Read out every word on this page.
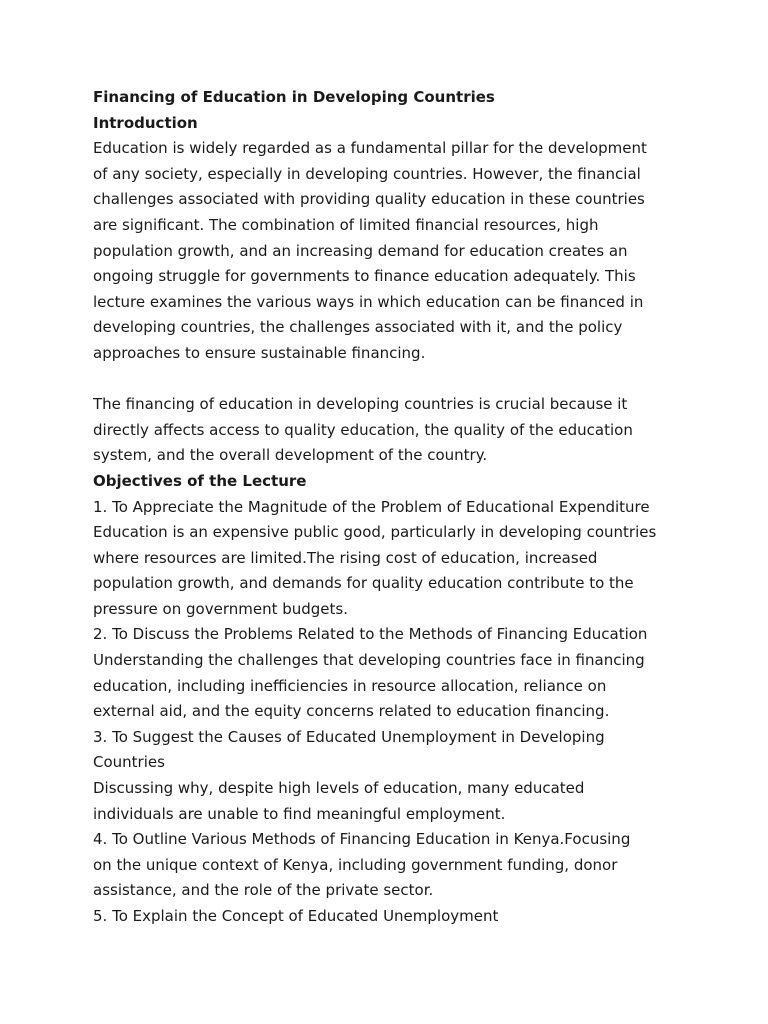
Financing of Education in Developing Countries
Introduction
Education is widely regarded as a fundamental pillar for the development
of any society, especially in developing countries. However, the financial
challenges associated with providing quality education in these countries
are significant. The combination of limited financial resources, high
population growth, and an increasing demand for education creates an
ongoing struggle for governments to finance education adequately. This
lecture examines the various ways in which education can be financed in
developing countries, the challenges associated with it, and the policy
approaches to ensure sustainable financing.
The financing of education in developing countries is crucial because it
directly affects access to quality education, the quality of the education
system, and the overall development of the country.
Objectives of the Lecture
1. To Appreciate the Magnitude of the Problem of Educational Expenditure
Education is an expensive public good, particularly in developing countries
where resources are limited.The rising cost of education, increased
population growth, and demands for quality education contribute to the
pressure on government budgets.
2. To Discuss the Problems Related to the Methods of Financing Education
Understanding the challenges that developing countries face in financing
education, including inefficiencies in resource allocation, reliance on
external aid, and the equity concerns related to education financing.
3. To Suggest the Causes of Educated Unemployment in Developing
Countries
Discussing why, despite high levels of education, many educated
individuals are unable to find meaningful employment.
4. To Outline Various Methods of Financing Education in Kenya.Focusing
on the unique context of Kenya, including government funding, donor
assistance, and the role of the private sector.
5. To Explain the Concept of Educated Unemployment
